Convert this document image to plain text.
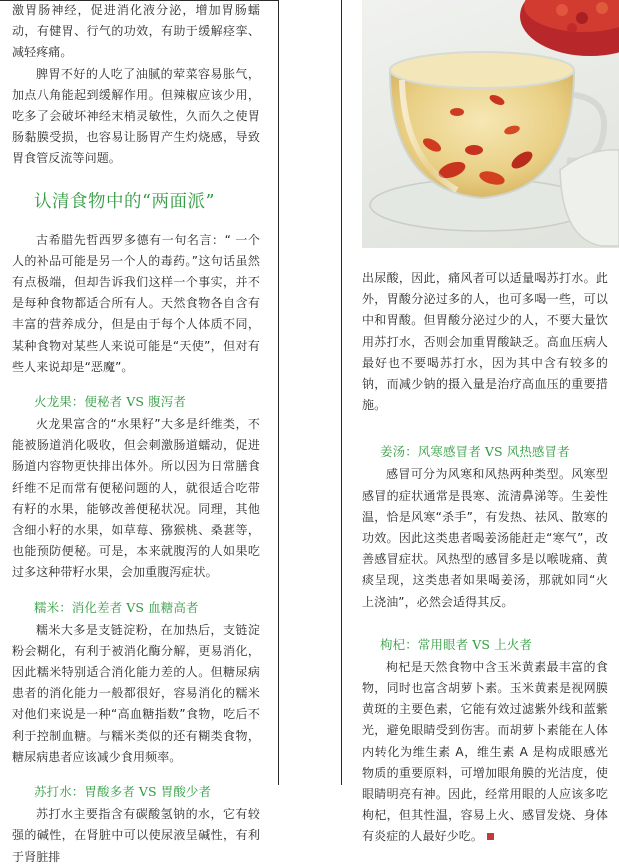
激胃肠神经，促进消化液分泌，增加胃肠蠕动，有健胃、行气的功效，有助于缓解痉挛、减轻疼痛。

脾胃不好的人吃了油腻的荤菜容易胀气，加点八角能起到缓解作用。但辣椒应该少用，吃多了会破坏神经末梢灵敏性，久而久之使胃肠黏膜受损，也容易让肠胃产生灼烧感，导致胃食管反流等问题。

认清食物中的“两面派”

古希腊先哲西罗多德有一句名言：“ 一个人的补品可能是另一个人的毒药。”这句话虽然有点极端，但却告诉我们这样一个事实，并不是每种食物都适合所有人。天然食物各自含有丰富的营养成分，但是由于每个人体质不同，某种食物对某些人来说可能是“天使”，但对有些人来说却是“恶魔”。

火龙果：便秘者 VS 腹泻者

火龙果富含的“水果籽”大多是纤维类，不能被肠道消化吸收，但会刺激肠道蠕动，促进肠道内容物更快排出体外。所以因为日常膳食纤维不足而常有便秘问题的人，就很适合吃带有籽的水果，能够改善便秘状况。同理，其他含细小籽的水果，如草莓、猕猴桃、桑葚等，也能预防便秘。可是，本来就腹泻的人如果吃过多这种带籽水果，会加重腹泻症状。

糯米：消化差者 VS 血糖高者

糯米大多是支链淀粉，在加热后，支链淀粉会糊化，有利于被消化酶分解，更易消化，因此糯米特别适合消化能力差的人。但糖尿病患者的消化能力一般都很好，容易消化的糯米对他们来说是一种“高血糖指数”食物，吃后不利于控制血糖。与糯米类似的还有糊类食物，糖尿病患者应该减少食用频率。

苏打水：胃酸多者 VS 胃酸少者

苏打水主要指含有碳酸氢钠的水，它有较强的碱性，在肾脏中可以使尿液呈碱性，有利于肾脏排

出尿酸，因此，痛风者可以适量喝苏打水。此外，胃酸分泌过多的人，也可多喝一些，可以中和胃酸。但胃酸分泌过少的人，不要大量饮用苏打水，否则会加重胃酸缺乏。高血压病人最好也不要喝苏打水，因为其中含有较多的钠，而减少钠的摄入量是治疗高血压的重要措施。

姜汤：风寒感冒者 VS 风热感冒者

感冒可分为风寒和风热两种类型。风寒型感冒的症状通常是畏寒、流清鼻涕等。生姜性温，恰是风寒“杀手”，有发热、祛风、散寒的功效。因此这类患者喝姜汤能赶走“寒气”，改善感冒症状。风热型的感冒多是以喉咙痛、黄痰呈现，这类患者如果喝姜汤，那就如同“火上浇油”，必然会适得其反。

枸杞：常用眼者 VS 上火者

枸杞是天然食物中含玉米黄素最丰富的食物，同时也富含胡萝卜素。玉米黄素是视网膜黄斑的主要色素，它能有效过滤紫外线和蓝紫光，避免眼睛受到伤害。而胡萝卜素能在人体内转化为维生素 A，维生素 A 是构成眼感光物质的重要原料，可增加眼角膜的光洁度，使眼睛明亮有神。因此，经常用眼的人应该多吃枸杞，但其性温，容易上火、感冒发烧、身体有炎症的人最好少吃。
